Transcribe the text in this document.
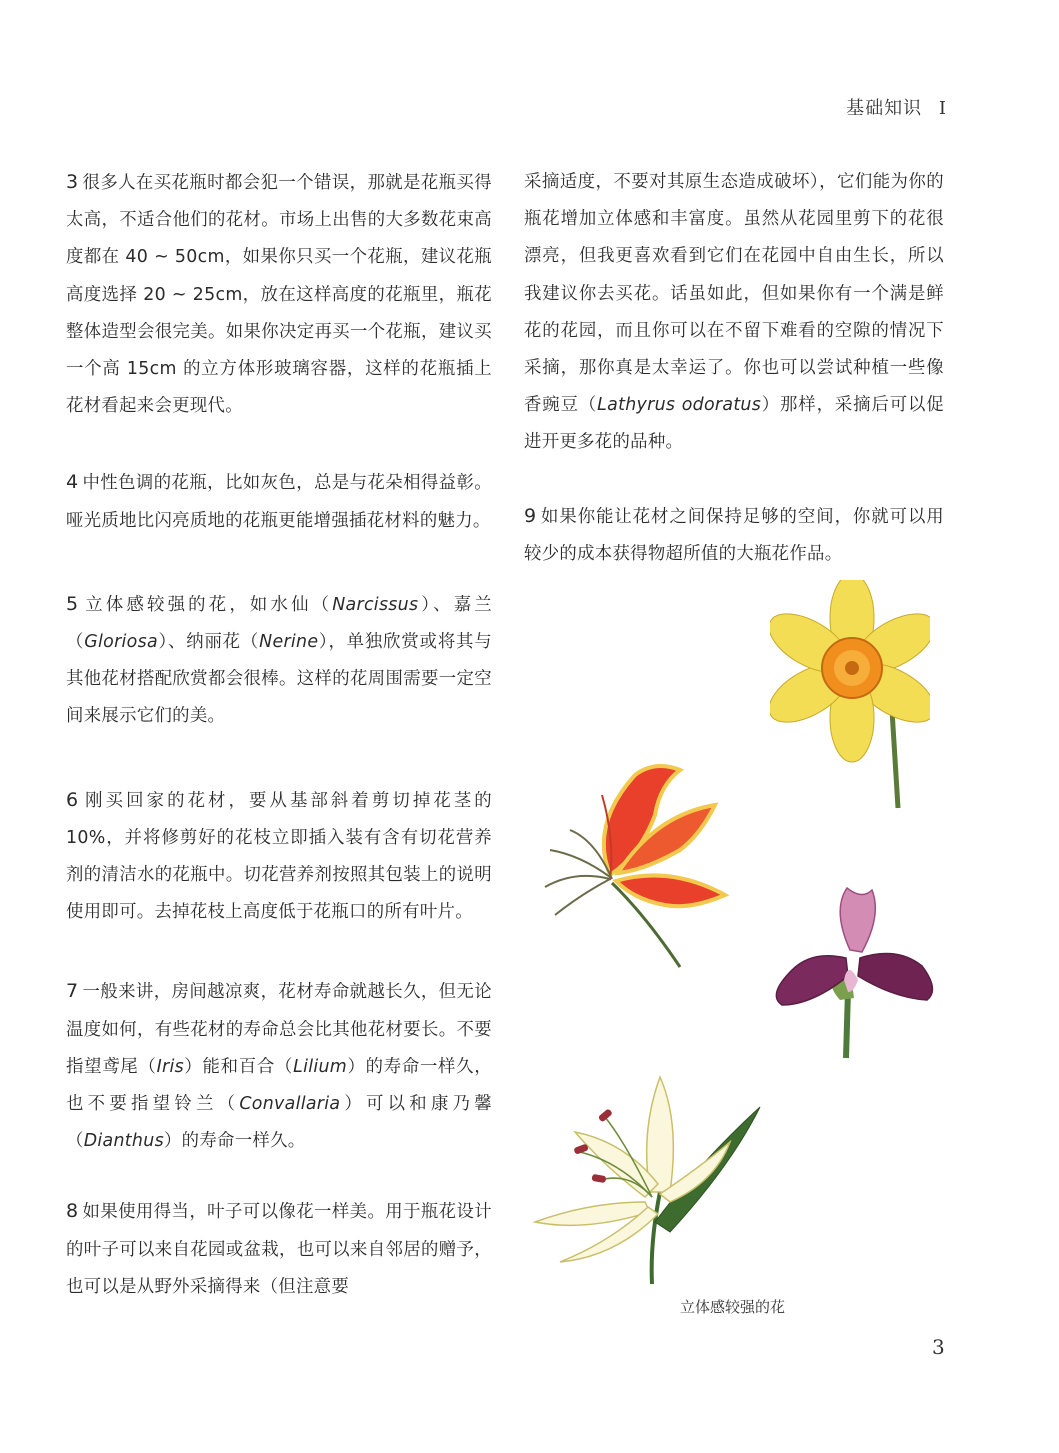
基础知识 I

3 很多人在买花瓶时都会犯一个错误，那就是花瓶买得太高，不适合他们的花材。市场上出售的大多数花束高度都在 40 ~ 50cm，如果你只买一个花瓶，建议花瓶高度选择 20 ~ 25cm，放在这样高度的花瓶里，瓶花整体造型会很完美。如果你决定再买一个花瓶，建议买一个高 15cm 的立方体形玻璃容器，这样的花瓶插上花材看起来会更现代。

4 中性色调的花瓶，比如灰色，总是与花朵相得益彰。哑光质地比闪亮质地的花瓶更能增强插花材料的魅力。

5 立体感较强的花，如水仙（Narcissus）、嘉兰（Gloriosa）、纳丽花（Nerine），单独欣赏或将其与其他花材搭配欣赏都会很棒。这样的花周围需要一定空间来展示它们的美。

6 刚买回家的花材，要从基部斜着剪切掉花茎的 10%，并将修剪好的花枝立即插入装有含有切花营养剂的清洁水的花瓶中。切花营养剂按照其包装上的说明使用即可。去掉花枝上高度低于花瓶口的所有叶片。

7 一般来讲，房间越凉爽，花材寿命就越长久，但无论温度如何，有些花材的寿命总会比其他花材要长。不要指望鸢尾（Iris）能和百合（Lilium）的寿命一样久，也不要指望铃兰（Convallaria）可以和康乃馨（Dianthus）的寿命一样久。

8 如果使用得当，叶子可以像花一样美。用于瓶花设计的叶子可以来自花园或盆栽，也可以来自邻居的赠予，也可以是从野外采摘得来（但注意要

采摘适度，不要对其原生态造成破坏），它们能为你的瓶花增加立体感和丰富度。虽然从花园里剪下的花很漂亮，但我更喜欢看到它们在花园中自由生长，所以我建议你去买花。话虽如此，但如果你有一个满是鲜花的花园，而且你可以在不留下难看的空隙的情况下采摘，那你真是太幸运了。你也可以尝试种植一些像香豌豆（Lathyrus odoratus）那样，采摘后可以促进开更多花的品种。

9 如果你能让花材之间保持足够的空间，你就可以用较少的成本获得物超所值的大瓶花作品。

立体感较强的花
3
